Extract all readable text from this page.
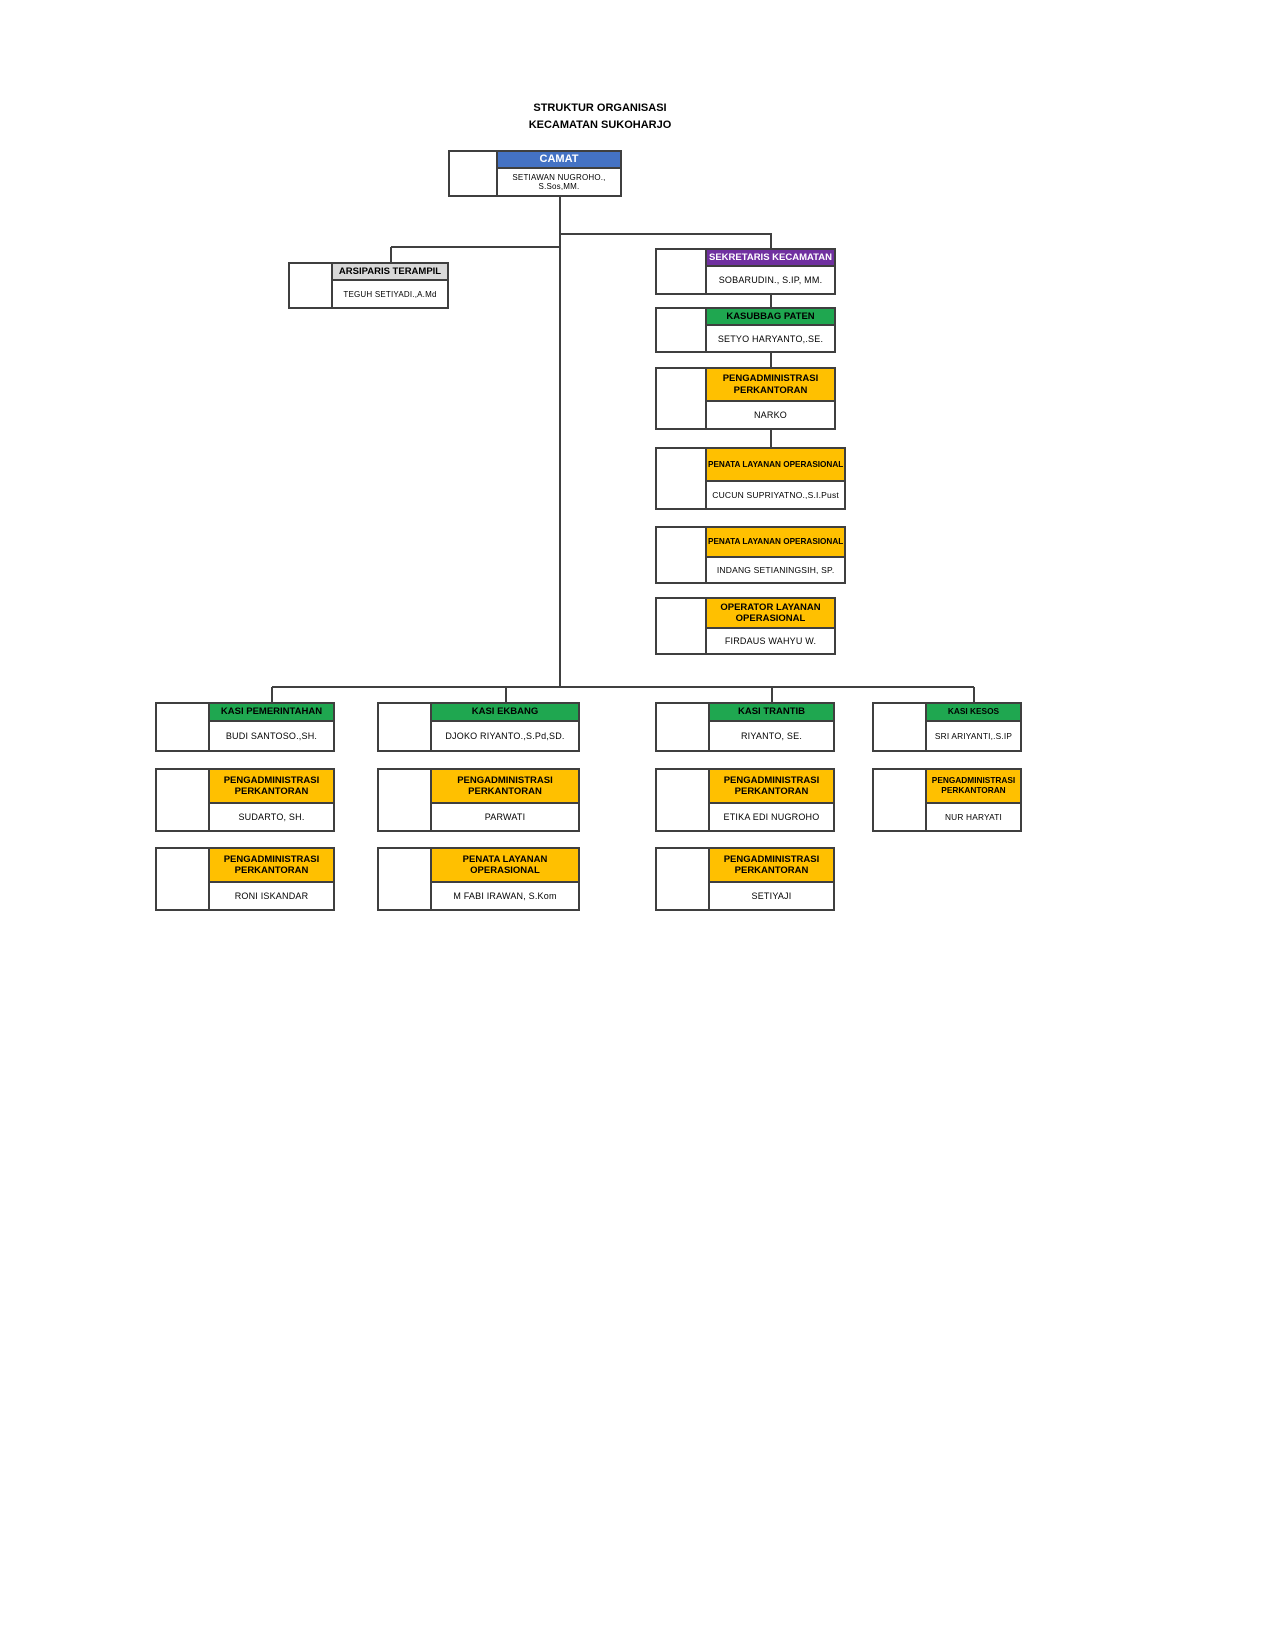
STRUKTUR ORGANISASI
KECAMATAN SUKOHARJO
CAMAT
SETIAWAN NUGROHO., S.Sos,MM.
ARSIPARIS TERAMPIL
TEGUH SETIYADI.,A.Md
SEKRETARIS KECAMATAN
SOBARUDIN., S.IP, MM.
KASUBBAG PATEN
SETYO HARYANTO,.SE.
PENGADMINISTRASI PERKANTORAN
NARKO
PENATA LAYANAN OPERASIONAL
CUCUN SUPRIYATNO.,S.I.Pust
PENATA LAYANAN OPERASIONAL
INDANG SETIANINGSIH, SP.
OPERATOR LAYANAN OPERASIONAL
FIRDAUS WAHYU W.
KASI PEMERINTAHAN
BUDI SANTOSO.,SH.
PENGADMINISTRASI PERKANTORAN
SUDARTO, SH.
PENGADMINISTRASI PERKANTORAN
RONI ISKANDAR
KASI EKBANG
DJOKO RIYANTO.,S.Pd,SD.
PENGADMINISTRASI PERKANTORAN
PARWATI
PENATA LAYANAN OPERASIONAL
M FABI IRAWAN, S.Kom
KASI TRANTIB
RIYANTO, SE.
PENGADMINISTRASI PERKANTORAN
ETIKA EDI NUGROHO
PENGADMINISTRASI PERKANTORAN
SETIYAJI
KASI KESOS
SRI ARIYANTI,.S.IP
PENGADMINISTRASI PERKANTORAN
NUR HARYATI
